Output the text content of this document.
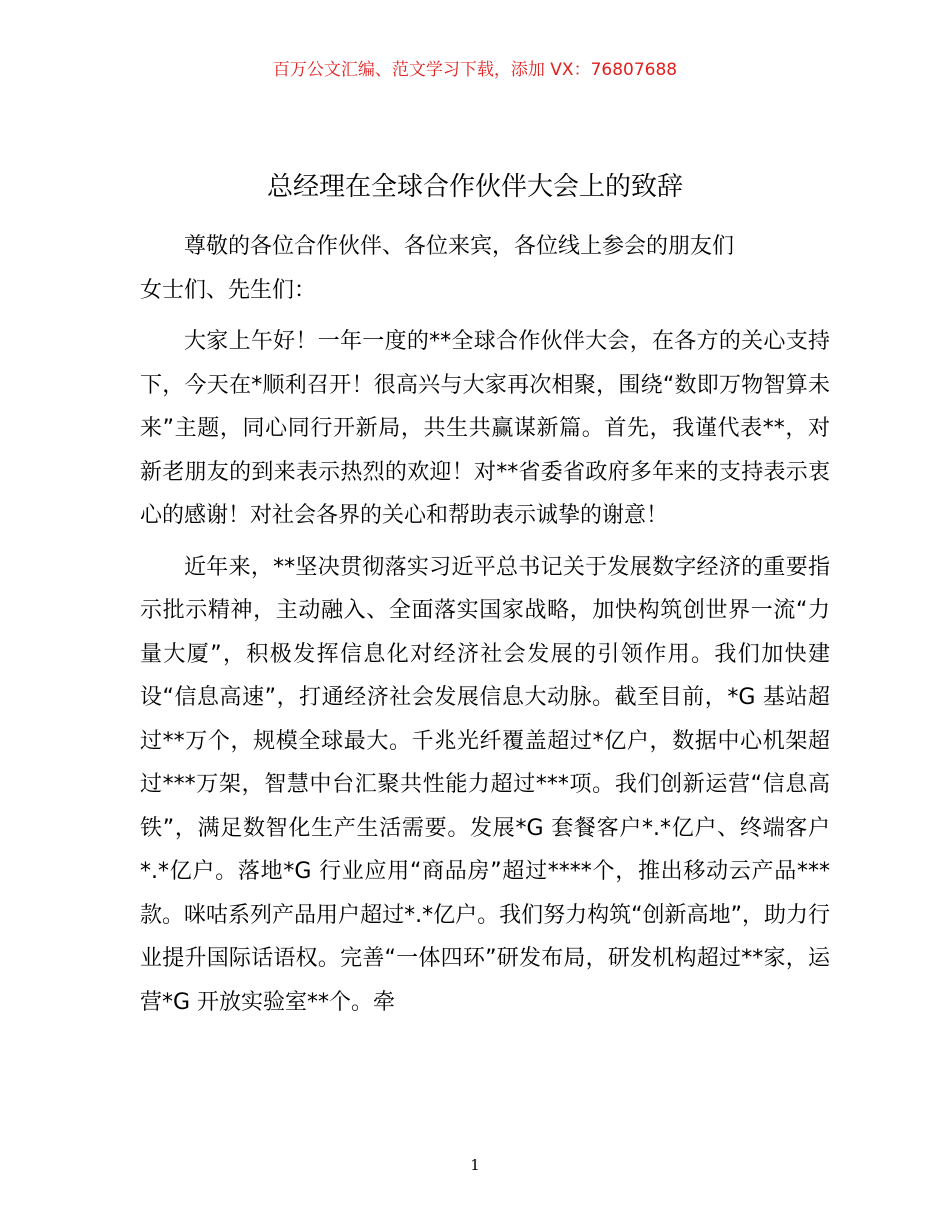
百万公文汇编、范文学习下载，添加 VX：76807688
总经理在全球合作伙伴大会上的致辞

尊敬的各位合作伙伴、各位来宾，各位线上参会的朋友们

女士们、先生们：

大家上午好！一年一度的**全球合作伙伴大会，在各方的关心支持下，今天在*顺利召开！很高兴与大家再次相聚，围绕“数即万物智算未来”主题，同心同行开新局，共生共赢谋新篇。首先，我谨代表**，对新老朋友的到来表示热烈的欢迎！对**省委省政府多年来的支持表示衷心的感谢！对社会各界的关心和帮助表示诚挚的谢意！

近年来，**坚决贯彻落实习近平总书记关于发展数字经济的重要指示批示精神，主动融入、全面落实国家战略，加快构筑创世界一流“力量大厦”，积极发挥信息化对经济社会发展的引领作用。我们加快建设“信息高速”，打通经济社会发展信息大动脉。截至目前，*G 基站超过**万个，规模全球最大。千兆光纤覆盖超过*亿户，数据中心机架超过***万架，智慧中台汇聚共性能力超过***项。我们创新运营“信息高铁”，满足数智化生产生活需要。发展*G 套餐客户*.*亿户、终端客户*.*亿户。落地*G 行业应用“商品房”超过****个，推出移动云产品***款。咪咕系列产品用户超过*.*亿户。我们努力构筑“创新高地”，助力行业提升国际话语权。完善“一体四环”研发布局，研发机构超过**家，运营*G 开放实验室**个。牵

1
